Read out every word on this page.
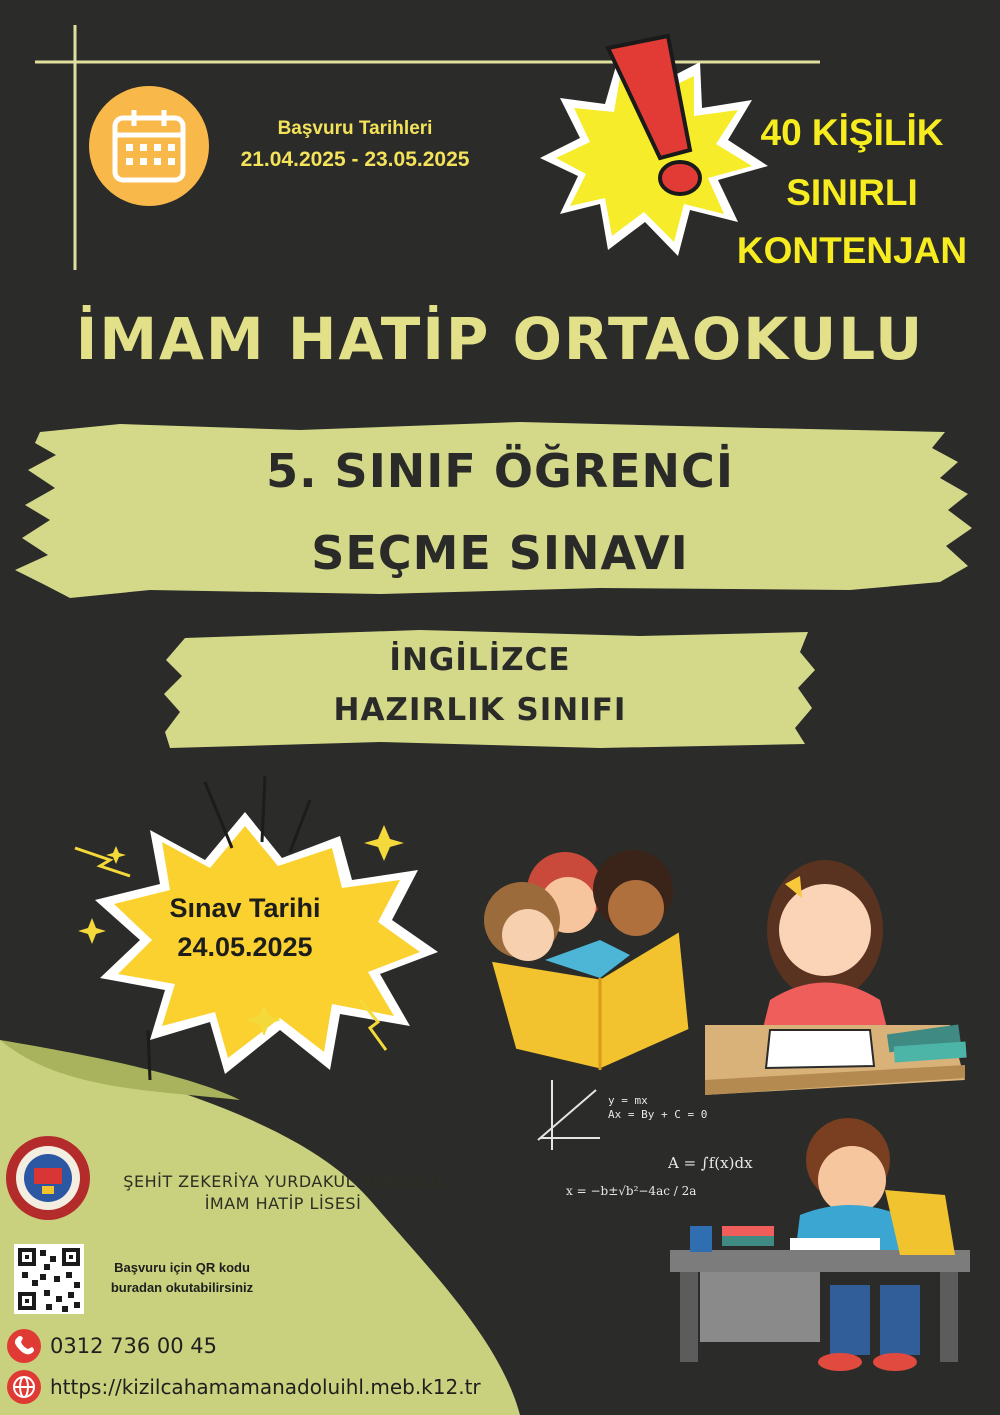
Başvuru Tarihleri
21.04.2025 - 23.05.2025
40 KİŞİLİK
SINIRLI
KONTENJAN
İMAM HATİP ORTAOKULU
5. SINIF ÖĞRENCİ
SEÇME SINAVI
İNGİLİZCE
HAZIRLIK SINIFI
Sınav Tarihi
24.05.2025
y = mx
Ax = By + C = 0
A = ∫f(x)dx
x = −b±√b²−4ac / 2a
ŞEHİT ZEKERİYA YURDAKUL ANADOLU
İMAM HATİP LİSESİ
Başvuru için QR kodu
buradan okutabilirsiniz
0312 736 00 45
https://kizilcahamamanadoluihl.meb.k12.tr
